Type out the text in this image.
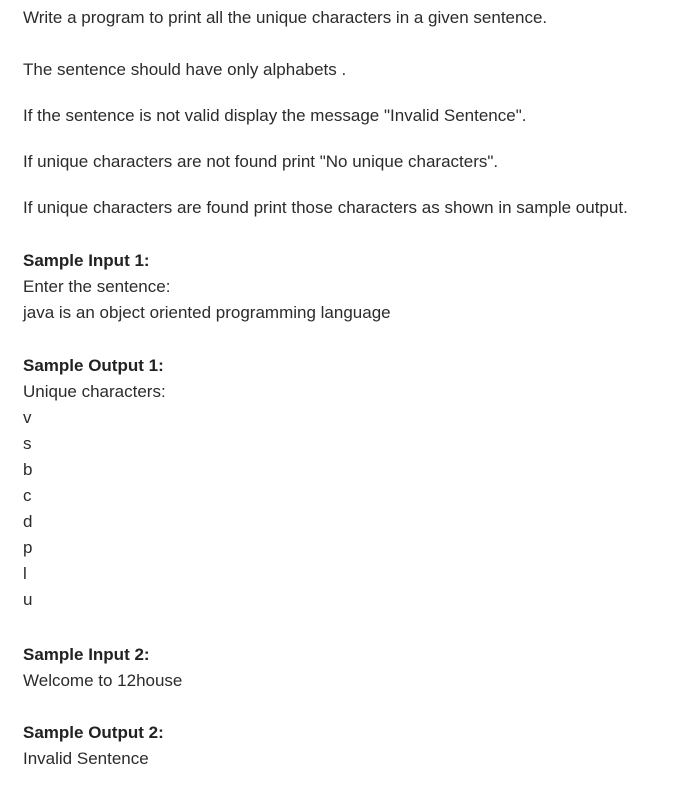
Write a program to print all the unique characters in a given sentence.
The sentence should have only alphabets .
If the sentence is not valid display the message "Invalid Sentence".
If unique characters are not found print "No unique characters".
If unique characters are found print those characters as shown in sample output.
Sample Input 1:
Enter the sentence:
java is an object oriented programming language
Sample Output 1:
Unique characters:
v
s
b
c
d
p
l
u
Sample Input 2:
Welcome to 12house
Sample Output 2:
Invalid Sentence
